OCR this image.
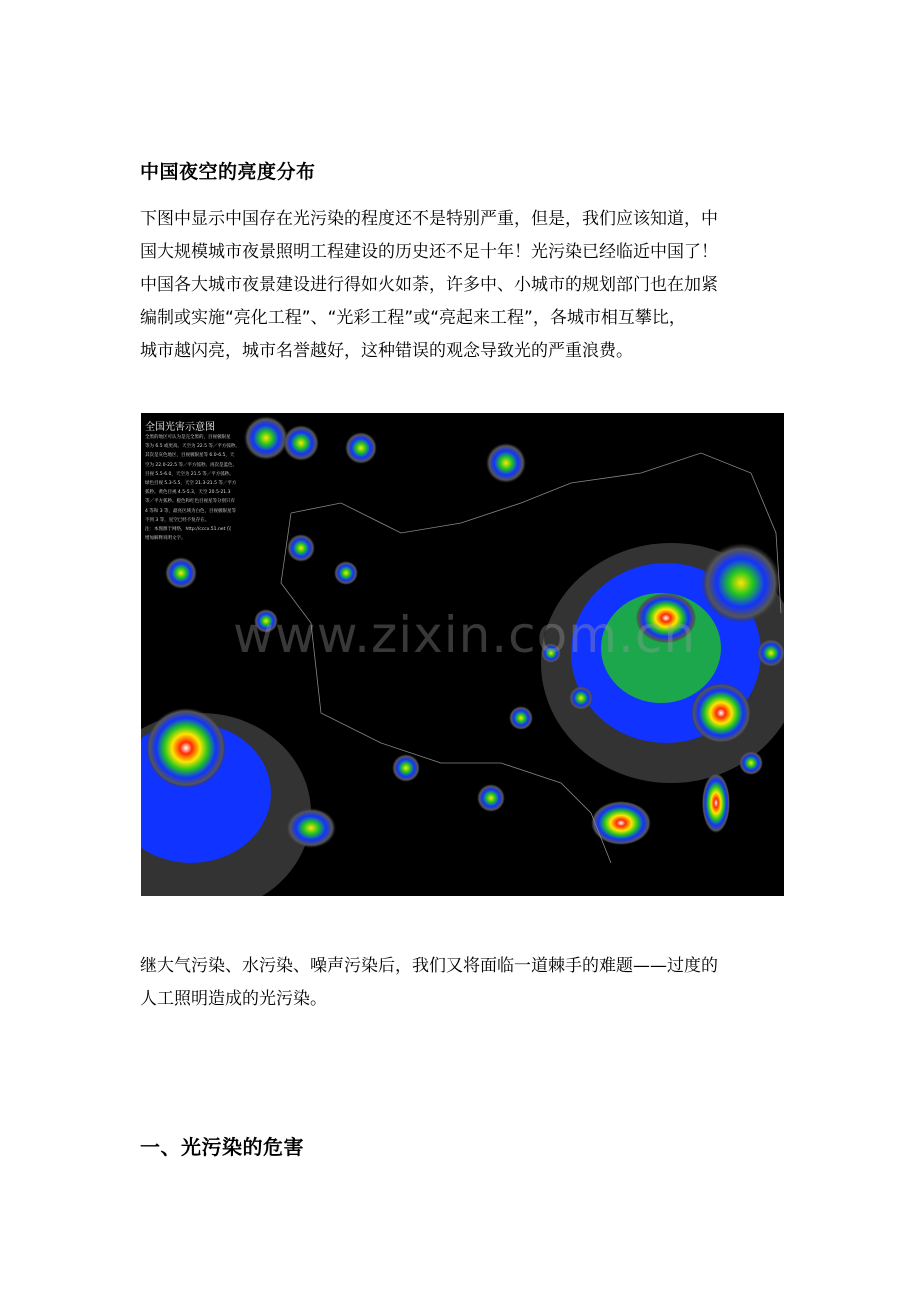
中国夜空的亮度分布

下图中显示中国存在光污染的程度还不是特别严重，但是，我们应该知道，中
国大规模城市夜景照明工程建设的历史还不足十年！光污染已经临近中国了！
中国各大城市夜景建设进行得如火如荼，许多中、小城市的规划部门也在加紧
编制或实施“亮化工程”、“光彩工程”或“亮起来工程”，各城市相互攀比，
城市越闪亮，城市名誉越好，这种错误的观念导致光的严重浪费。

全国光害示意图
全黑的地区可认为是完全黑的，目视极限星
等为 6.5 或更高。天空为 22.5 等／平方弧秒。
其次是灰色地区，目视极限星等 6.0-6.5，天
空为 22.0-22.5 等／平方弧秒。再次是蓝色，
目视 5.5-6.0，天空为 21.5 等／平方弧秒。
绿色目视 5.3-5.5，天空 21.3-21.5 等／平方
弧秒。黄色目视 4.5-5.3，天空 20.5-21.3
等／平方弧秒。橙色和红色目视星等分别只有
4 等和 3 等，最亮区域为白色，目视极限星等
不到 3 等，星空已经不复存在。
注：本图源于网络，http://cccx.51.net 仅
增加解释说明文字。
www.zixin.com.cn

继大气污染、水污染、噪声污染后，我们又将面临一道棘手的难题——过度的
人工照明造成的光污染。

一、光污染的危害
